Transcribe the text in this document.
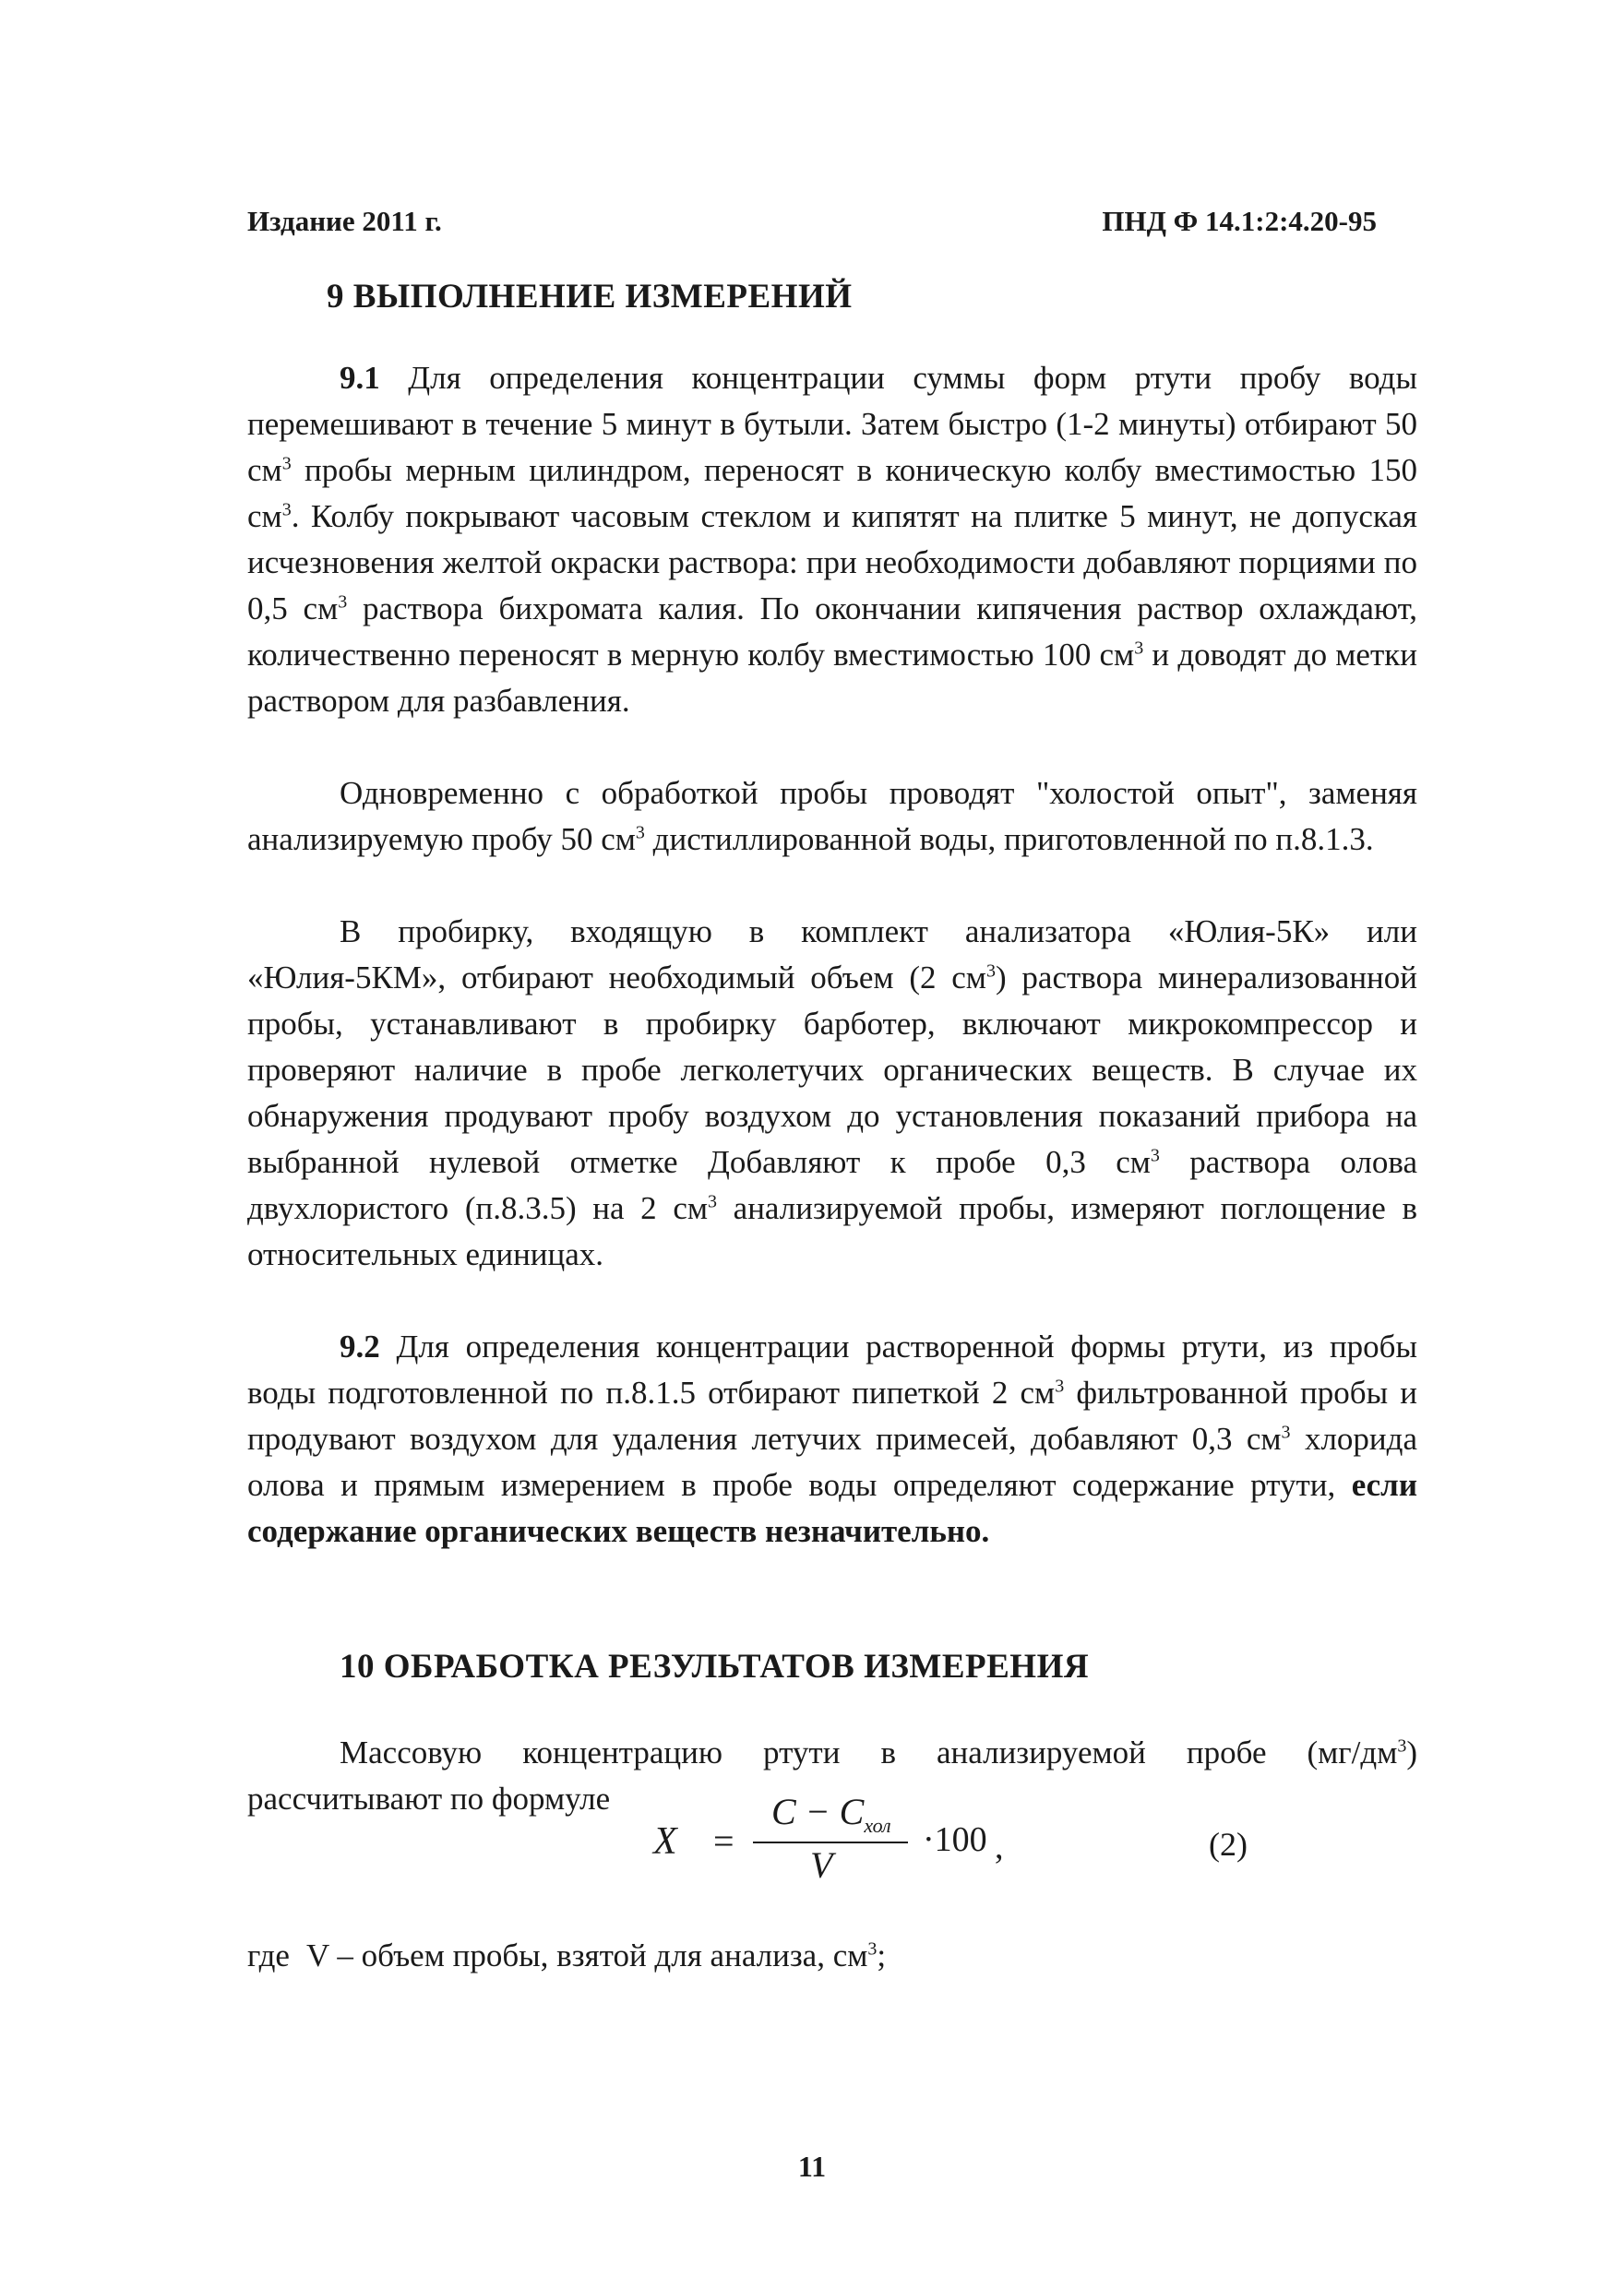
Издание 2011 г.	ПНД Ф 14.1:2:4.20-95
9 ВЫПОЛНЕНИЕ ИЗМЕРЕНИЙ

9.1 Для определения концентрации суммы форм ртути пробу воды перемешивают в течение 5 минут в бутыли. Затем быстро (1-2 минуты) отбирают 50 $см^3$ пробы мерным цилиндром, переносят в коническую колбу вместимостью 150 $см^3$. Колбу покрывают часовым стеклом и кипятят на плитке 5 минут, не допуская исчезновения желтой окраски раствора: при необходимости добавляют порциями по 0,5 $см^3$ раствора бихромата калия. По окончании кипячения раствор охлаждают, количественно переносят в мерную колбу вместимостью 100 $см^3$ и доводят до метки раствором для разбавления.

Одновременно с обработкой пробы проводят "холостой опыт", заменяя анализируемую пробу 50 $см^3$ дистиллированной воды, приготовленной по п.8.1.3.

В пробирку, входящую в комплект анализатора «Юлия-5К» или «Юлия-5КМ», отбирают необходимый объем (2 $см^3$) раствора минерализованной пробы, устанавливают в пробирку барботер, включают микрокомпрессор и проверяют наличие в пробе легколетучих органических веществ. В случае их обнаружения продувают пробу воздухом до установления показаний прибора на выбранной нулевой отметке Добавляют к пробе 0,3 $см^3$ раствора олова двухлористого (п.8.3.5) на 2 $см^3$ анализируемой пробы, измеряют поглощение в относительных единицах.

9.2 Для определения концентрации растворенной формы ртути, из пробы воды подготовленной по п.8.1.5 отбирают пипеткой 2 $см^3$ фильтрованной пробы и продувают воздухом для удаления летучих примесей, добавляют 0,3 $см^3$ хлорида олова и прямым измерением в пробе воды определяют содержание ртути, если содержание органических веществ незначительно.

10 ОБРАБОТКА РЕЗУЛЬТАТОВ ИЗМЕРЕНИЯ

Массовую концентрацию ртути в анализируемой пробе $(мг/дм^3)$ рассчитывают по формуле

X =
$C - C_{хол}$
V
·100 ,	(2)
где V – объем пробы, взятой для анализа, $см^3$;
11
